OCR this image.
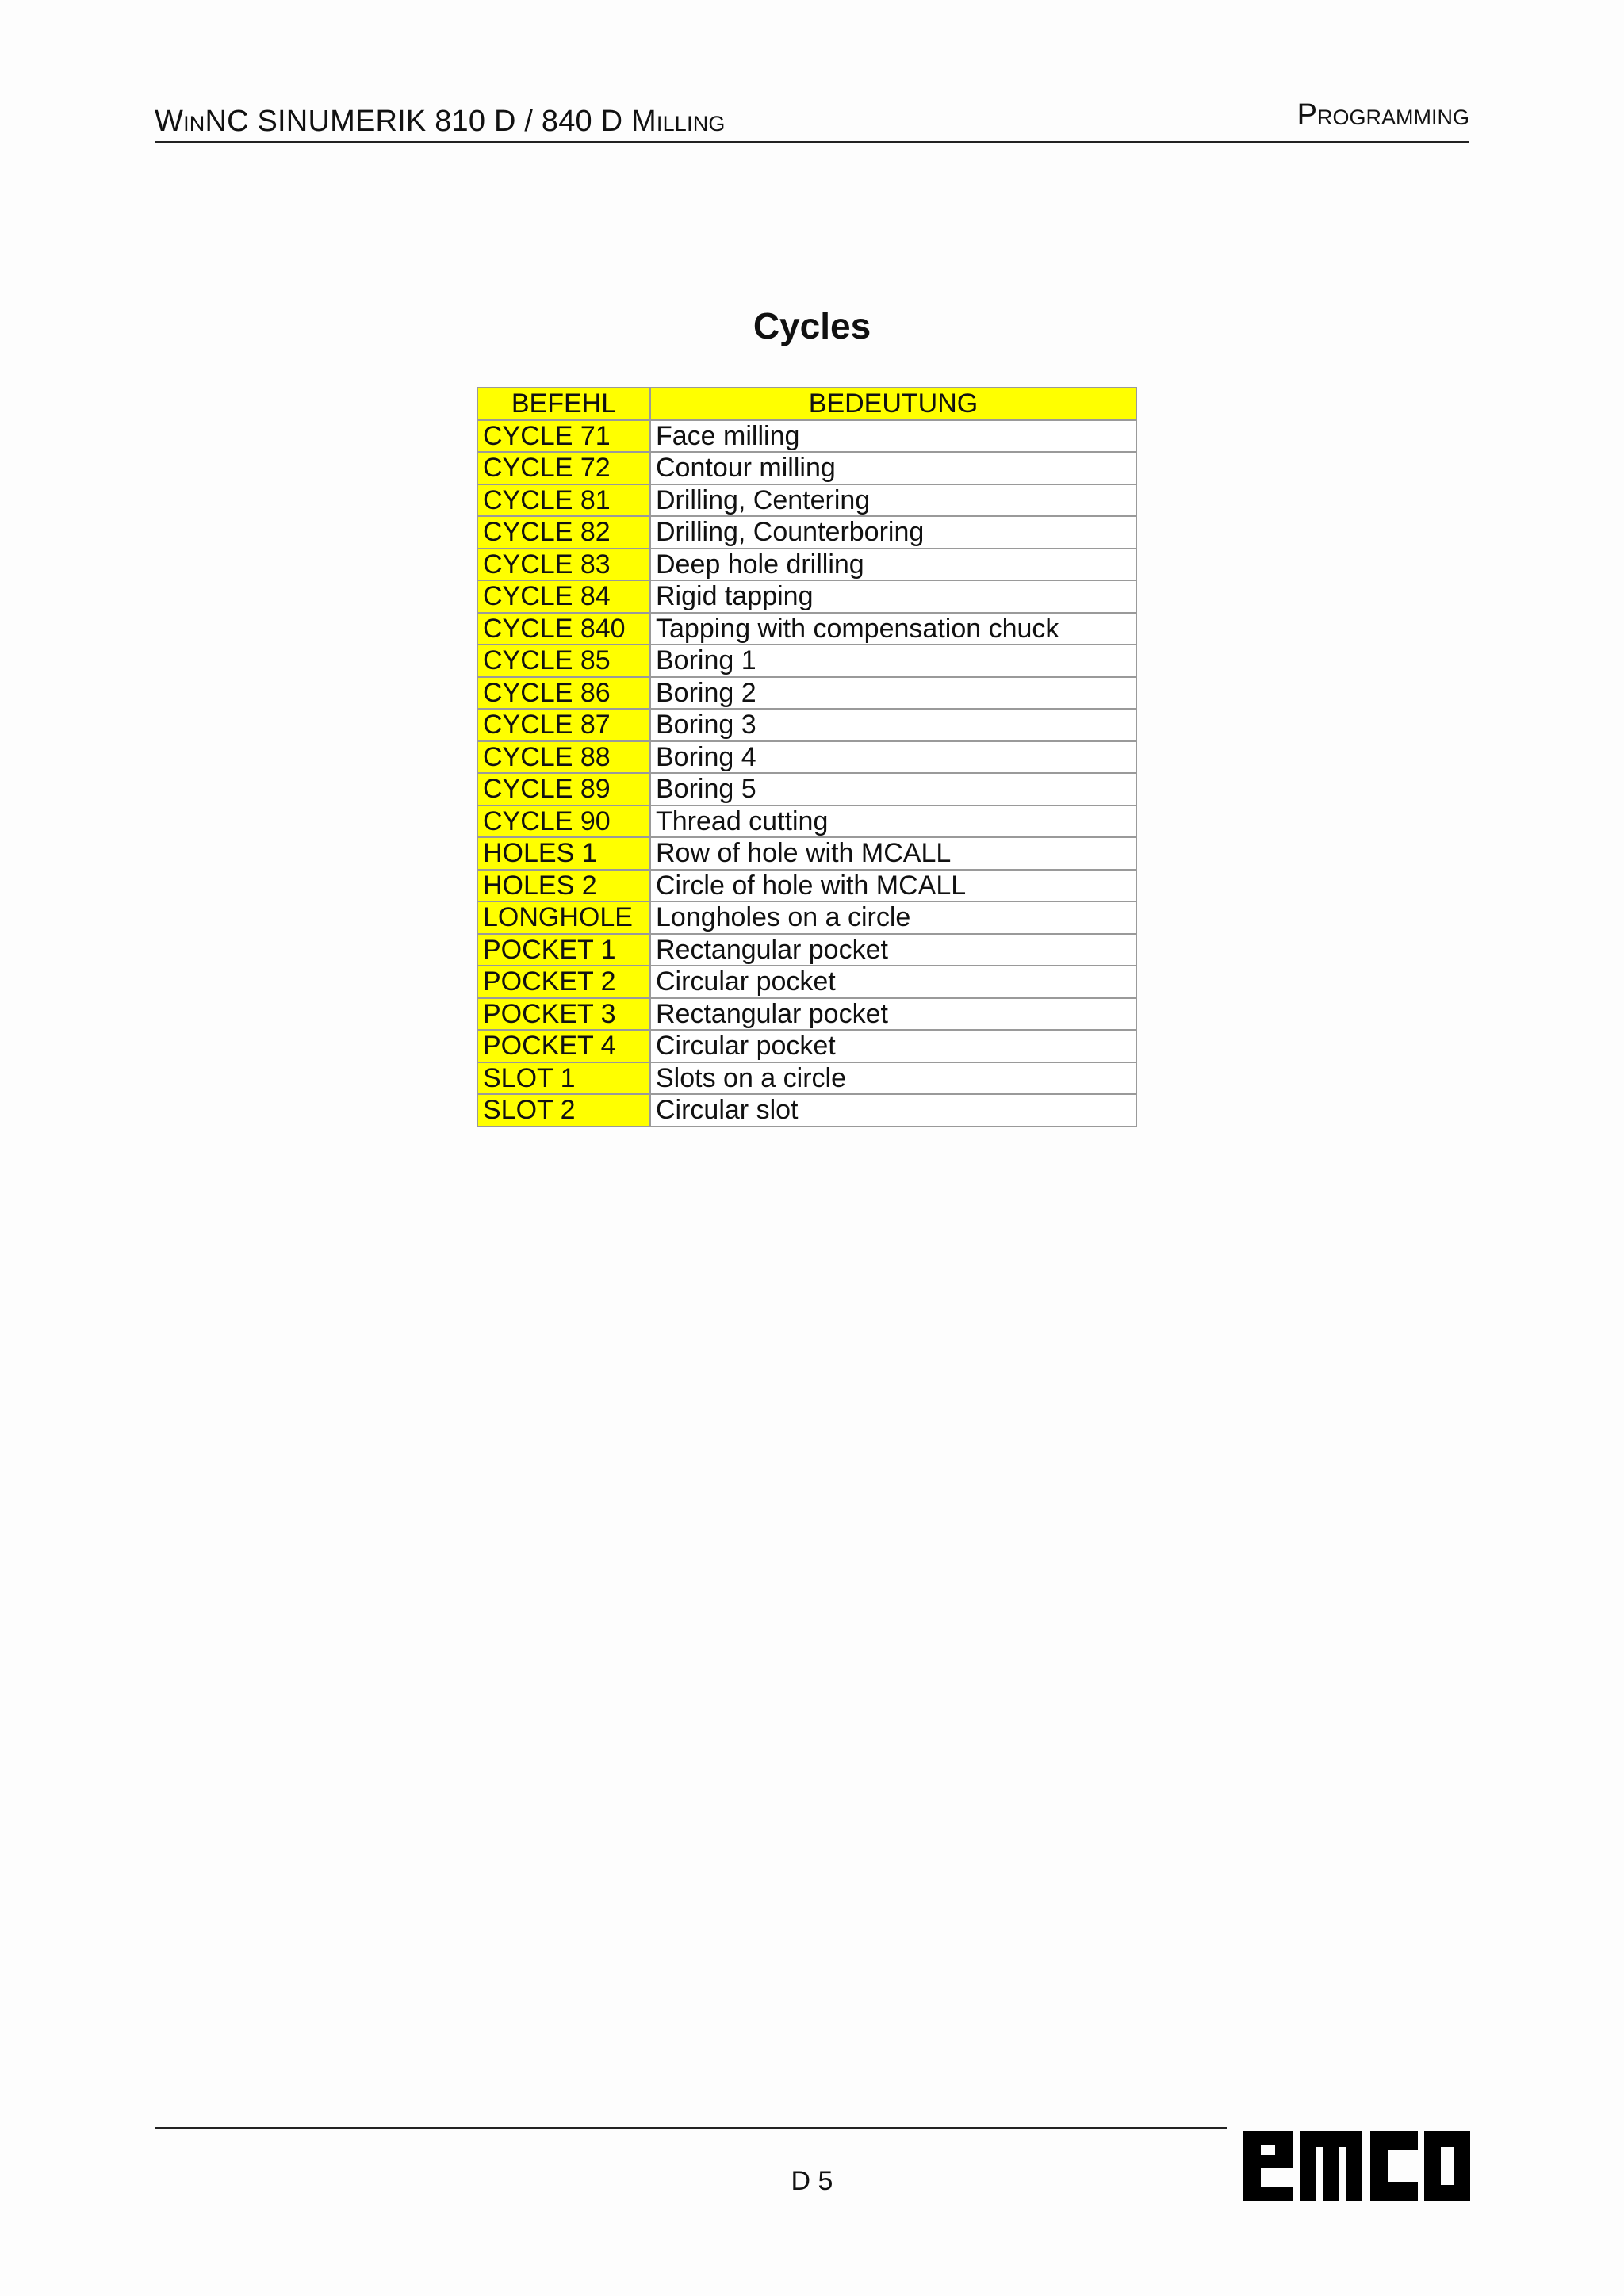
WinNC SINUMERIK 810 D / 840 D Milling	Programming
Cycles
BEFEHL	BEDEUTUNG
CYCLE 71	Face milling
CYCLE 72	Contour milling
CYCLE 81	Drilling, Centering
CYCLE 82	Drilling, Counterboring
CYCLE 83	Deep hole drilling
CYCLE 84	Rigid tapping
CYCLE 840	Tapping with compensation chuck
CYCLE 85	Boring 1
CYCLE 86	Boring 2
CYCLE 87	Boring 3
CYCLE 88	Boring 4
CYCLE 89	Boring 5
CYCLE 90	Thread cutting
HOLES 1	Row of hole with MCALL
HOLES 2	Circle of hole with MCALL
LONGHOLE	Longholes on a circle
POCKET 1	Rectangular pocket
POCKET 2	Circular pocket
POCKET 3	Rectangular pocket
POCKET 4	Circular pocket
SLOT 1	Slots on a circle
SLOT 2	Circular slot
D 5
